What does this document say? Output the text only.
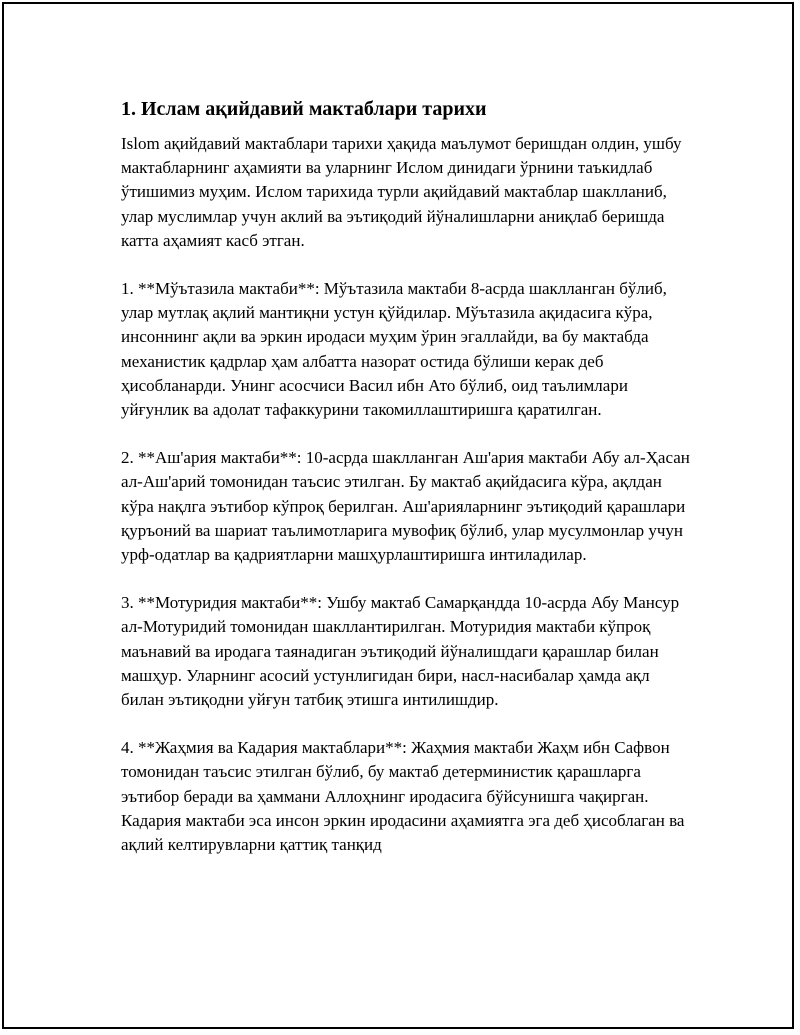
1. Ислам ақийдавий мактаблари тарихи

Islom ақийдавий мактаблари тарихи ҳақида маълумот беришдан олдин, ушбу мактабларнинг аҳамияти ва уларнинг Ислом динидаги ўрнини таъкидлаб ўтишимиз муҳим. Ислом тарихида турли ақийдавий мактаблар шаклланиб, улар муслимлар учун аклий ва эътиқодий йўналишларни аниқлаб беришда катта аҳамият касб этган.

1. **Мўътазила мактаби**: Мўътазила мактаби 8-асрда шаклланган бўлиб, улар мутлақ ақлий мантиқни устун қўйдилар. Мўътазила ақидасига кўра, инсоннинг ақли ва эркин иродаси муҳим ўрин эгаллайди, ва бу мактабда механистик қадрлар ҳам албатта назорат остида бўлиши керак деб ҳисобланарди. Унинг асосчиси Васил ибн Ато бўлиб, оид таълимлари уйғунлик ва адолат тафаккурини такомиллаштиришга қаратилган.

2. **Аш'ария мактаби**: 10-асрда шаклланган Аш'ария мактаби Абу ал-Ҳасан ал-Аш'арий томонидан таъсис этилган. Бу мактаб ақийдасига кўра, ақлдан кўра нақлга эътибор кўпроқ берилган. Аш'арияларнинг эътиқодий қарашлари қуръоний ва шариат таълимотларига мувофиқ бўлиб, улар мусулмонлар учун урф-одатлар ва қадриятларни машҳурлаштиришга интиладилар.

3. **Мотуридия мактаби**: Ушбу мактаб Самарқандда 10-асрда Абу Мансур ал-Мотуридий томонидан шакллантирилган. Мотуридия мактаби кўпроқ маънавий ва иродага таянадиган эътиқодий йўналишдаги қарашлар билан машҳур. Уларнинг асосий устунлигидан бири, насл-насибалар ҳамда ақл билан эътиқодни уйғун татбиқ этишга интилишдир.

4. **Жаҳмия ва Кадария мактаблари**: Жаҳмия мактаби Жаҳм ибн Сафвон томонидан таъсис этилган бўлиб, бу мактаб детерминистик қарашларга эътибор беради ва ҳаммани Аллоҳнинг иродасига бўйсунишга чақирган. Кадария мактаби эса инсон эркин иродасини аҳамиятга эга деб ҳисоблаган ва ақлий келтирувларни қаттиқ танқид
